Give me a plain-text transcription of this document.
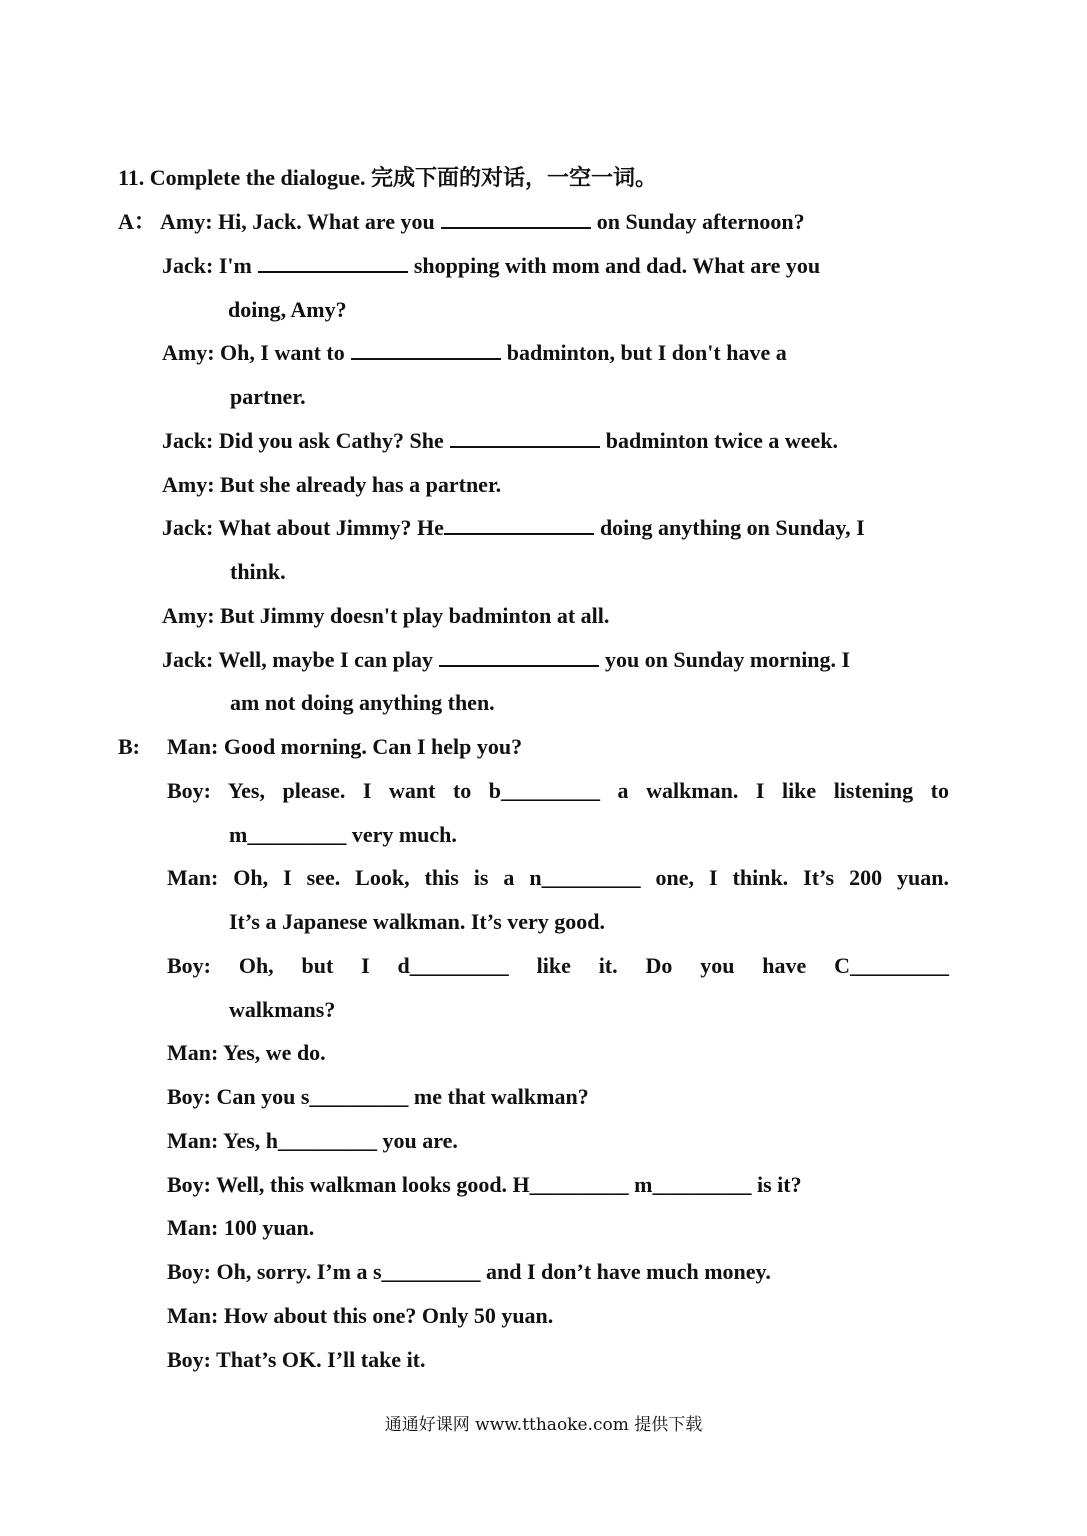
11. Complete the dialogue. 完成下面的对话，一空一词。
A： Amy: Hi, Jack. What are you	on Sunday afternoon?
Jack: I'm	shopping with mom and dad. What are you
doing, Amy?
Amy: Oh, I want to	badminton, but I don't have a
partner.
Jack: Did you ask Cathy? She	badminton twice a week.
Amy: But she already has a partner.
Jack: What about Jimmy? He	doing anything on Sunday, I
think.
Amy: But Jimmy doesn't play badminton at all.
Jack: Well, maybe I can play	you on Sunday morning. I
am not doing anything then.
B: Man: Good morning. Can I help you?
Boy: Yes, please. I want to b_________ a walkman. I like listening to
m_________ very much.
Man: Oh, I see. Look, this is a n_________ one, I think. It’s 200 yuan.
It’s a Japanese walkman. It’s very good.
Boy: Oh, but I d_________ like it. Do you have C_________
walkmans?
Man: Yes, we do.
Boy: Can you s_________ me that walkman?
Man: Yes, h_________ you are.
Boy: Well, this walkman looks good. H_________ m_________ is it?
Man: 100 yuan.
Boy: Oh, sorry. I’m a s_________ and I don’t have much money.
Man: How about this one? Only 50 yuan.
Boy: That’s OK. I’ll take it.
通通好课网 www.tthaoke.com 提供下载
